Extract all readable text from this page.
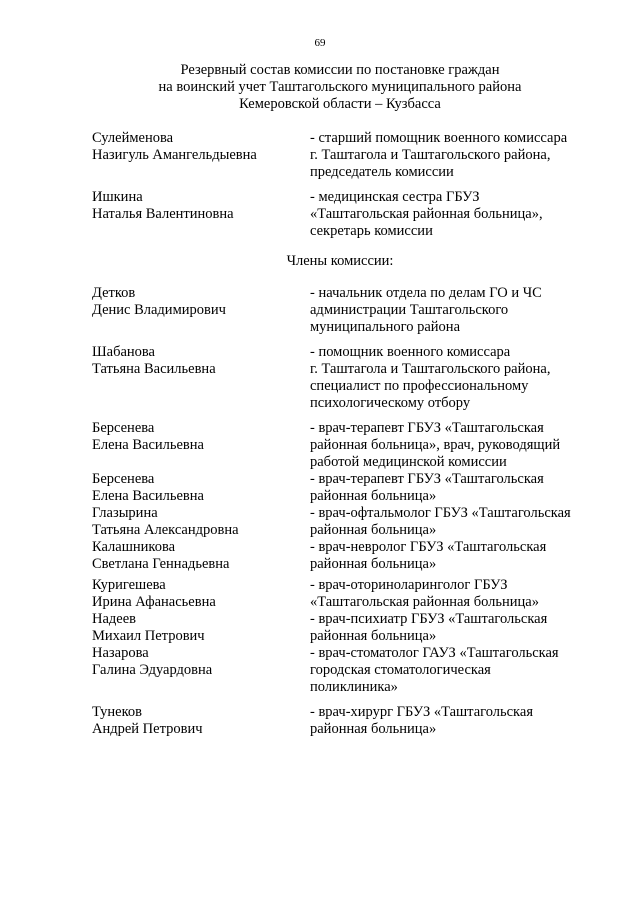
69
Резервный состав комиссии по постановке граждан
на воинский учет Таштагольского муниципального района
Кемеровской области – Кузбасса
Сулейменова
Назигуль Амангельдыевна
- старший помощник военного комиссара
г. Таштагола и Таштагольского района,
председатель комиссии
Ишкина
Наталья Валентиновна
- медицинская сестра ГБУЗ
«Таштагольская районная больница»,
секретарь комиссии
Члены комиссии:
Детков
Денис Владимирович
- начальник отдела по делам ГО и ЧС
администрации Таштагольского
муниципального района
Шабанова
Татьяна Васильевна
- помощник военного комиссара
г. Таштагола и Таштагольского района,
специалист по профессиональному
психологическому отбору
Берсенева
Елена Васильевна
- врач-терапевт ГБУЗ «Таштагольская
районная больница», врач, руководящий
работой медицинской комиссии
Берсенева
Елена Васильевна
- врач-терапевт ГБУЗ «Таштагольская
районная больница»
Глазырина
Татьяна Александровна
- врач-офтальмолог ГБУЗ «Таштагольская
районная больница»
Калашникова
Светлана Геннадьевна
- врач-невролог ГБУЗ «Таштагольская
районная больница»
Куригешева
Ирина Афанасьевна
- врач-оториноларинголог ГБУЗ
«Таштагольская районная больница»
Надеев
Михаил Петрович
- врач-психиатр ГБУЗ «Таштагольская
районная больница»
Назарова
Галина Эдуардовна
- врач-стоматолог ГАУЗ «Таштагольская
городская стоматологическая
поликлиника»
Тунеков
Андрей Петрович
- врач-хирург ГБУЗ «Таштагольская
районная больница»
